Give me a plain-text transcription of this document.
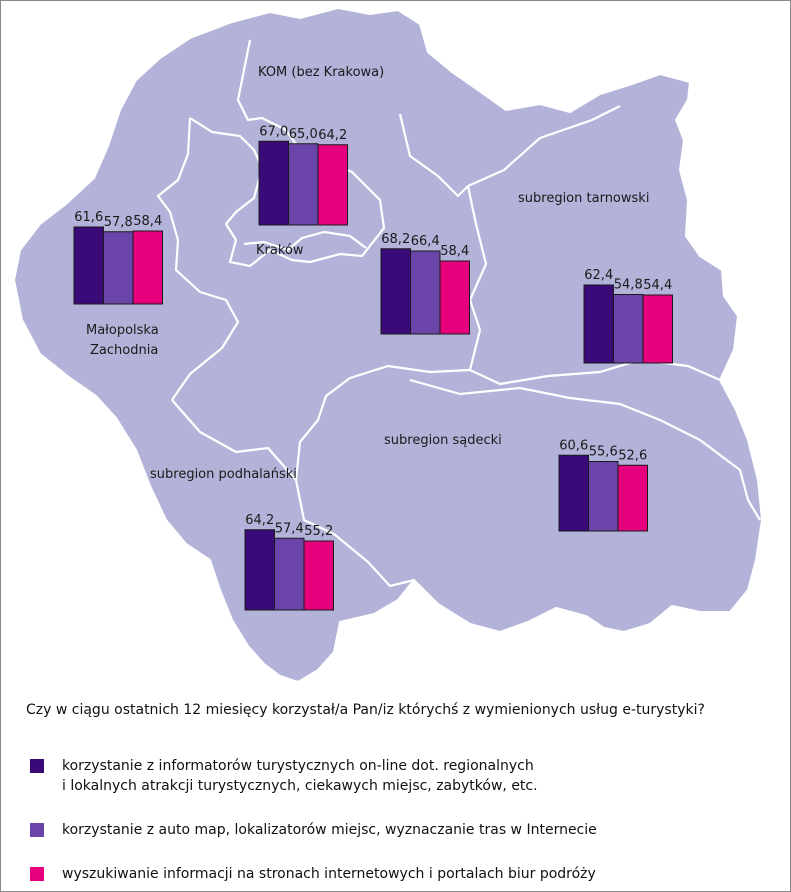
KOM (bez Krakowa)
Kraków
Małopolska
Zachodnia
subregion tarnowski
subregion sądecki
subregion podhalański
67,0 65,0 64,2
61,6 57,8 58,4
68,2 66,4
58,4
62,4
54,8 54,4
60,6 55,6 52,6
64,2
57,4 55,2
Czy w ciągu ostatnich 12 miesięcy korzystał/a Pan/iz którychś z wymienionych usług e-turystyki?
korzystanie z informatorów turystycznych on-line dot. regionalnych
i lokalnych atrakcji turystycznych, ciekawych miejsc, zabytków, etc.
korzystanie z auto map, lokalizatorów miejsc, wyznaczanie tras w Internecie
wyszukiwanie informacji na stronach internetowych i portalach biur podróży
